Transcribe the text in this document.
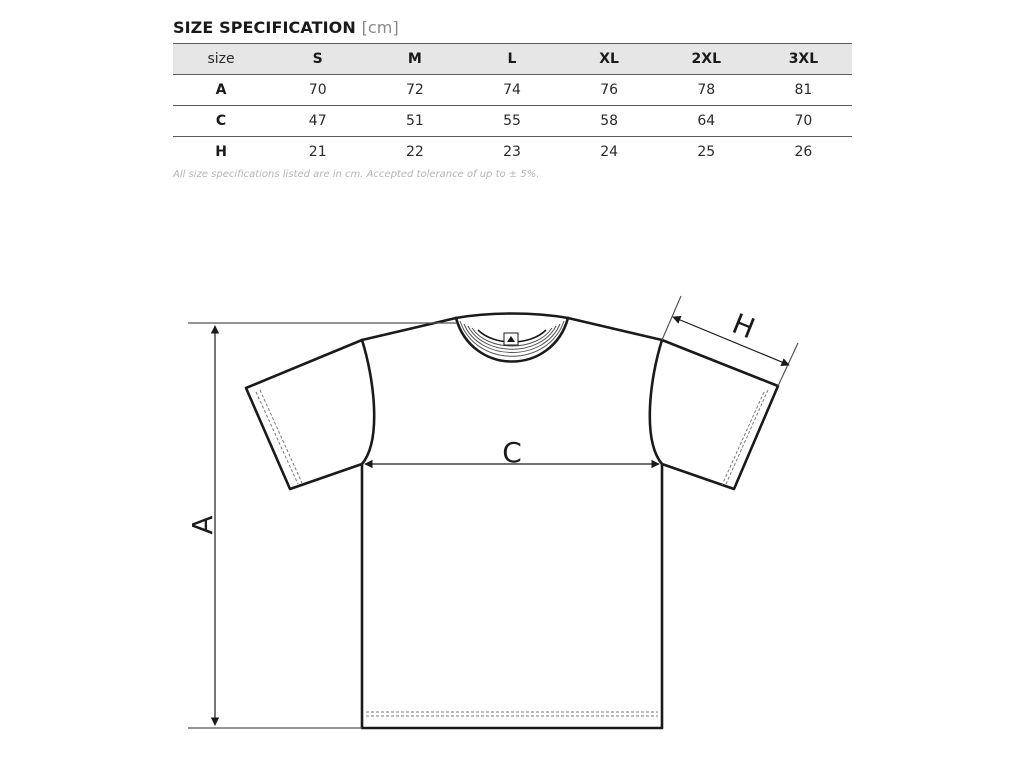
SIZE SPECIFICATION [cm]
size	S	M	L	XL	2XL	3XL
A	70	72	74	76	78	81
C	47	51	55	58	64	70
H	21	22	23	24	25	26
All size specifications listed are in cm. Accepted tolerance of up to ± 5%.
A
C
H
